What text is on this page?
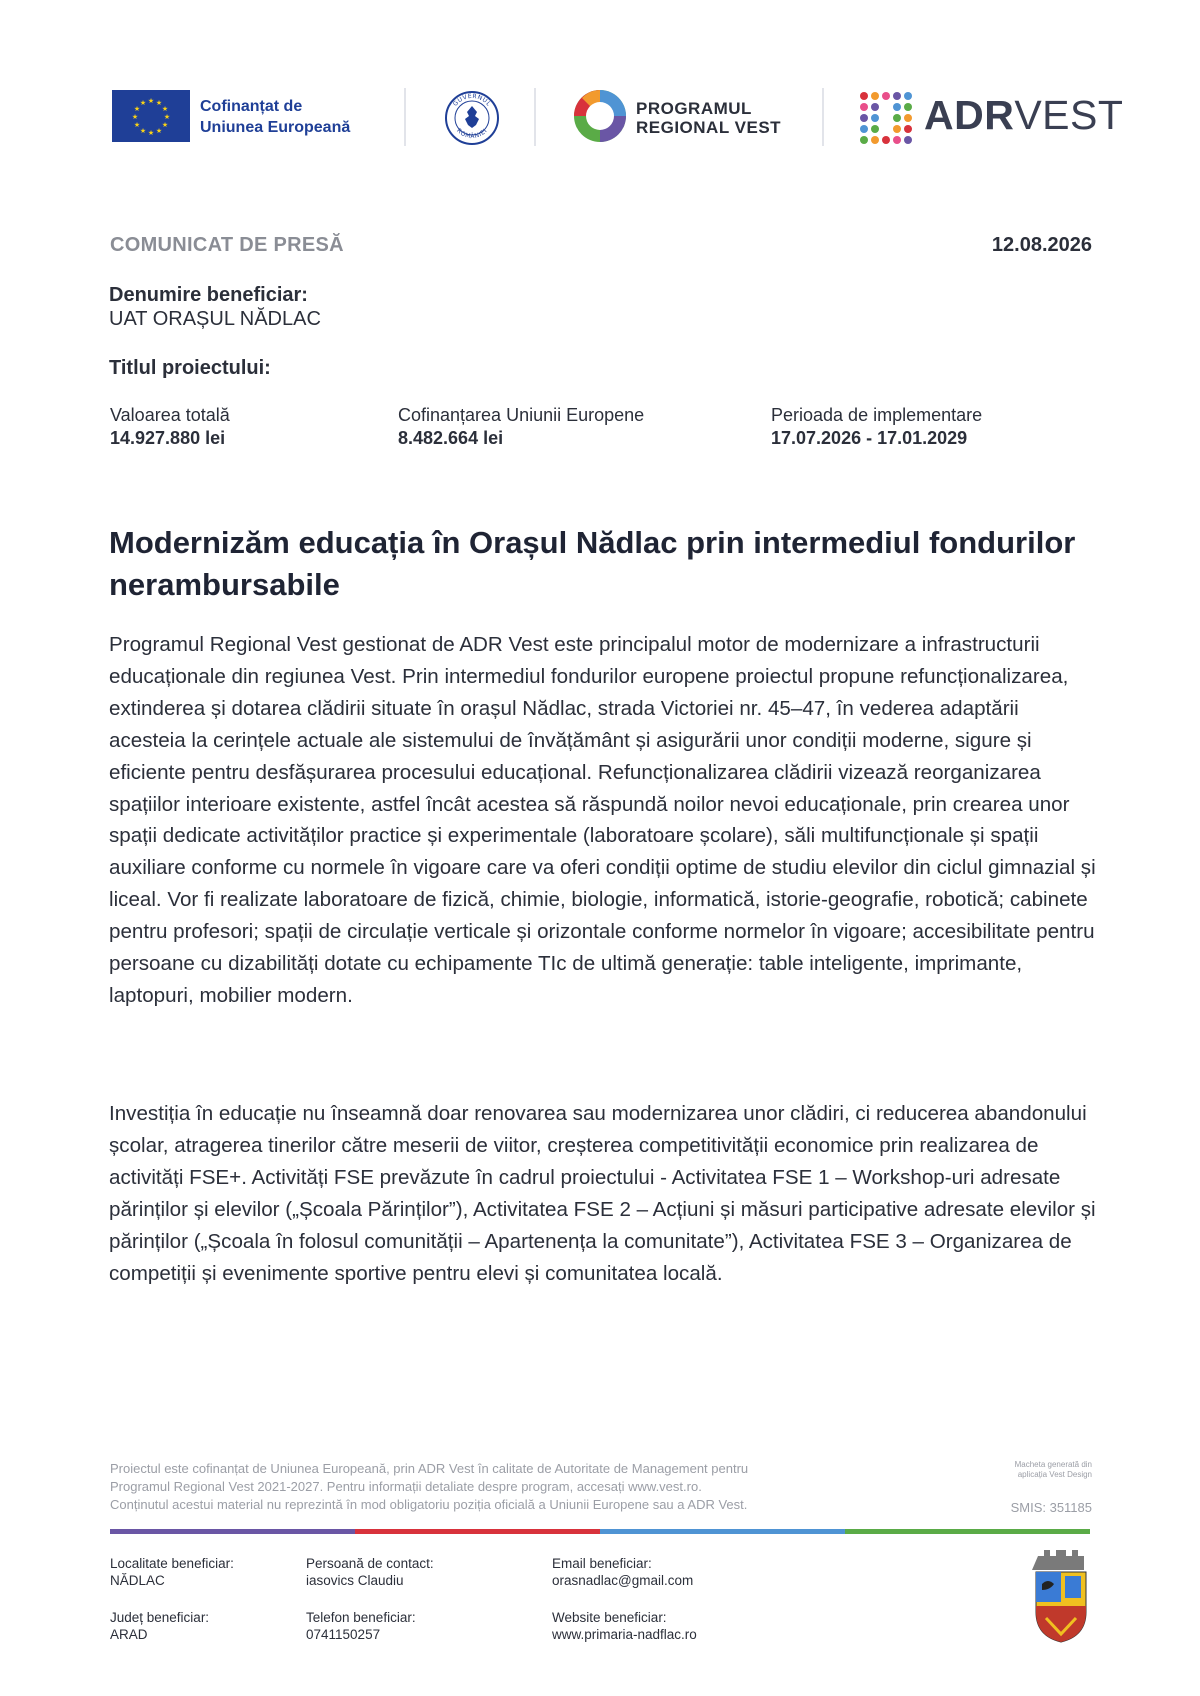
★ ★
★
★
★
★
★
★
★
★
★
★	Cofinanțat de
Uniunea Europeană
GUVERNUL
ROMÂNIEI
PROGRAMUL
REGIONAL VEST	ADRVEST
COMUNICAT DE PRESĂ	12.08.2026
Denumire beneficiar:
UAT ORAȘUL NĂDLAC
Titlul proiectului:
Valoarea totală
14.927.880 lei
Cofinanțarea Uniunii Europene
8.482.664 lei
Perioada de implementare
17.07.2026 - 17.01.2029
Modernizăm educația în Orașul Nădlac prin intermediul fondurilor nerambursabile
Programul Regional Vest gestionat de ADR Vest este principalul motor de modernizare a infrastructurii educaționale din regiunea Vest. Prin intermediul fondurilor europene proiectul propune refuncționalizarea, extinderea și dotarea clădirii situate în orașul Nădlac, strada Victoriei nr. 45–47, în vederea adaptării acesteia la cerințele actuale ale sistemului de învățământ și asigurării unor condiții moderne, sigure și eficiente pentru desfășurarea procesului educațional. Refuncționalizarea clădirii vizează reorganizarea spațiilor interioare existente, astfel încât acestea să răspundă noilor nevoi educaționale, prin crearea unor spații dedicate activităților practice și experimentale (laboratoare școlare), săli multifuncționale și spații auxiliare conforme cu normele în vigoare care va oferi condiții optime de studiu elevilor din ciclul gimnazial și liceal. Vor fi realizate laboratoare de fizică, chimie, biologie, informatică, istorie-geografie, robotică; cabinete pentru profesori; spații de circulație verticale și orizontale conforme normelor în vigoare; accesibilitate pentru persoane cu dizabilități dotate cu echipamente TIc de ultimă generație: table inteligente, imprimante, laptopuri, mobilier modern.
Investiția în educație nu înseamnă doar renovarea sau modernizarea unor clădiri, ci reducerea abandonului școlar, atragerea tinerilor către meserii de viitor, creșterea competitivității economice prin realizarea de activități FSE+. Activități FSE prevăzute în cadrul proiectului - Activitatea FSE 1 – Workshop-uri adresate părinților și elevilor („Școala Părinților”), Activitatea FSE 2 – Acțiuni și măsuri participative adresate elevilor și părinților („Școala în folosul comunității – Apartenența la comunitate”), Activitatea FSE 3 – Organizarea de competiții și evenimente sportive pentru elevi și comunitatea locală.
Proiectul este cofinanțat de Uniunea Europeană, prin ADR Vest în calitate de Autoritate de Management pentru
Programul Regional Vest 2021-2027. Pentru informații detaliate despre program, accesați www.vest.ro.
Conținutul acestui material nu reprezintă în mod obligatoriu poziția oficială a Uniunii Europene sau a ADR Vest.
Macheta generată din
aplicația Vest Design
SMIS: 351185
Localitate beneficiar:
NĂDLAC
Persoană de contact:
iasovics Claudiu
Email beneficiar:
orasnadlac@gmail.com
Județ beneficiar:
ARAD
Telefon beneficiar:
0741150257
Website beneficiar:
www.primaria-nadflac.ro
